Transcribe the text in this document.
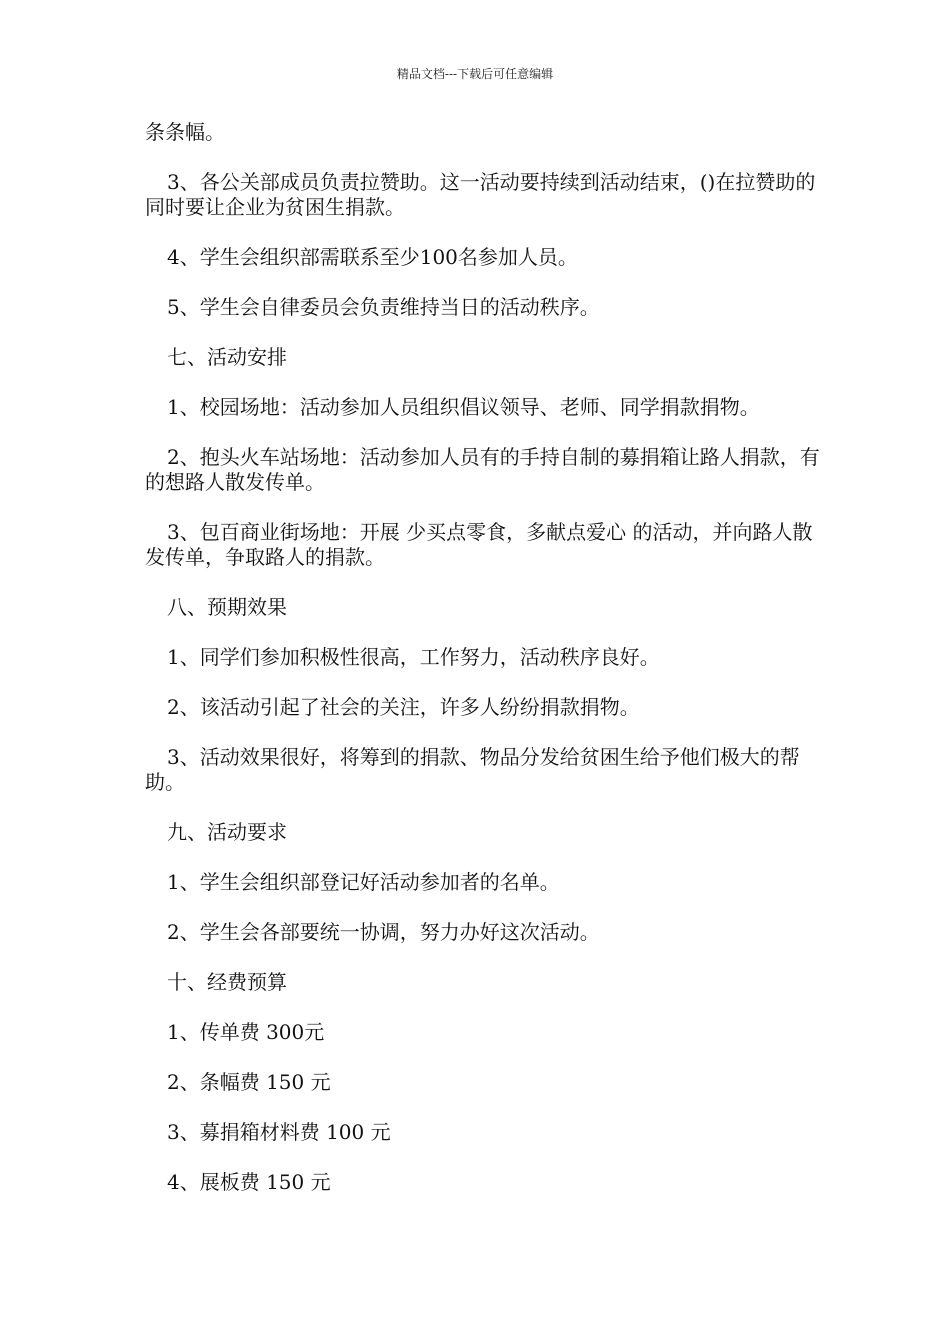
精品文档---下载后可任意编辑

条条幅。

3、各公关部成员负责拉赞助。这一活动要持续到活动结束，()在拉赞助的同时要让企业为贫困生捐款。

4、学生会组织部需联系至少100名参加人员。

5、学生会自律委员会负责维持当日的活动秩序。

七、活动安排

1、校园场地：活动参加人员组织倡议领导、老师、同学捐款捐物。

2、抱头火车站场地：活动参加人员有的手持自制的募捐箱让路人捐款，有的想路人散发传单。

3、包百商业街场地：开展 少买点零食，多献点爱心 的活动，并向路人散发传单，争取路人的捐款。

八、预期效果

1、同学们参加积极性很高，工作努力，活动秩序良好。

2、该活动引起了社会的关注，许多人纷纷捐款捐物。

3、活动效果很好，将筹到的捐款、物品分发给贫困生给予他们极大的帮助。

九、活动要求

1、学生会组织部登记好活动参加者的名单。

2、学生会各部要统一协调，努力办好这次活动。

十、经费预算

1、传单费 300元

2、条幅费 150 元

3、募捐箱材料费 100 元

4、展板费 150 元
